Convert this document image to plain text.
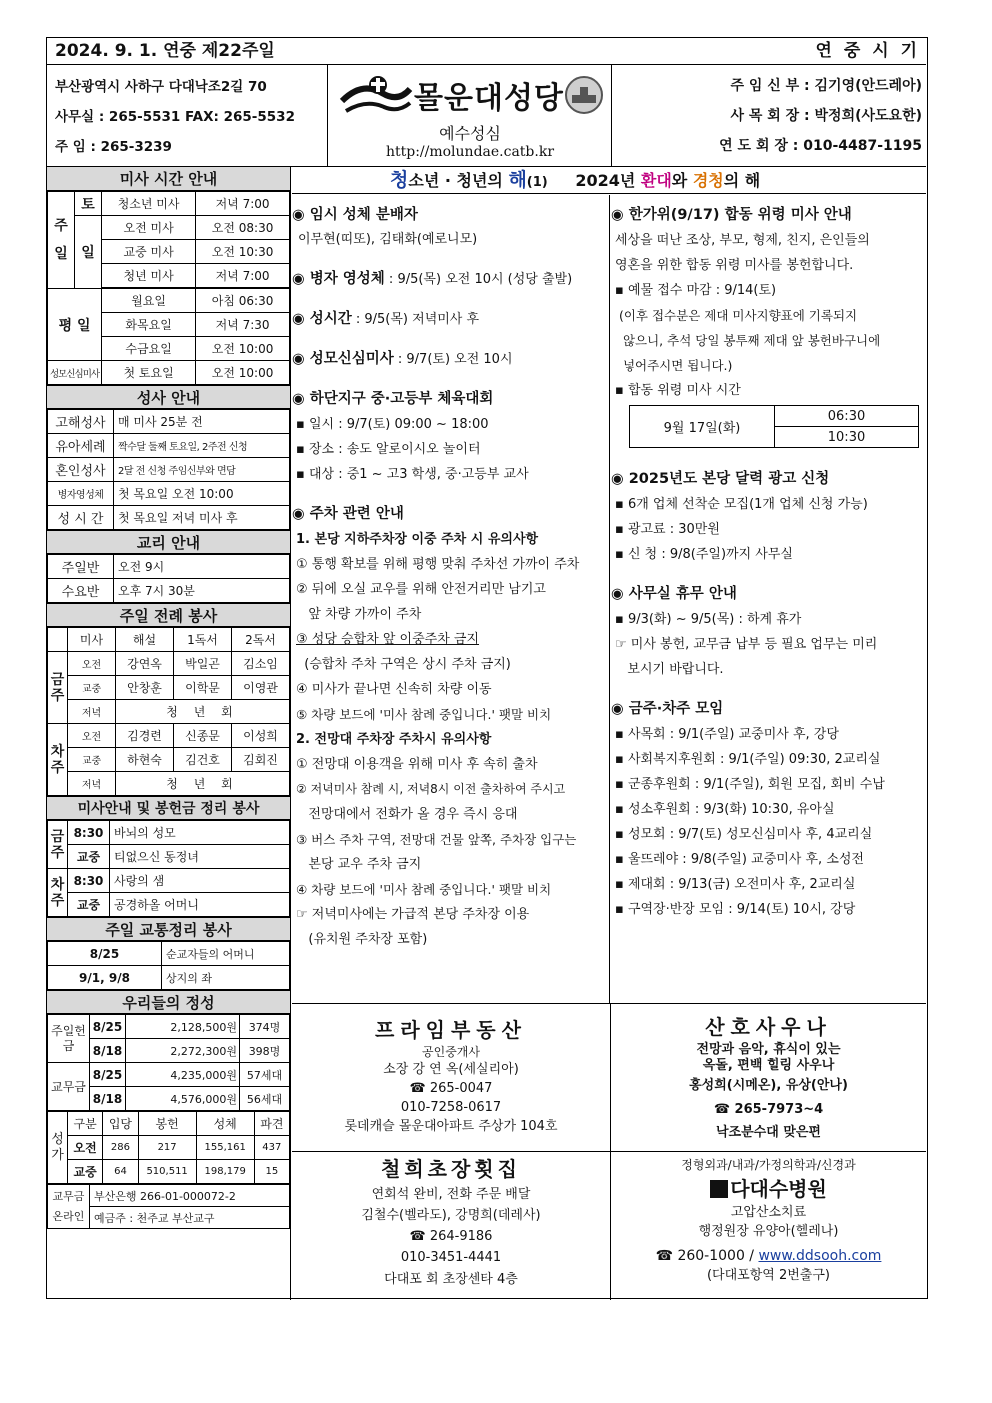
2024. 9. 1. 연중 제22주일	연 중 시 기
부산광역시 사하구 다대낙조2길 70
사무실 : 265-5531 FAX: 265-5532
주 임 : 265-3239
몰운대성당
예수성심
http://molundae.catb.kr
주 임 신 부 : 김기영(안드레아)
사 목 회 장 : 박정희(사도요한)
연 도 회 장 : 010-4487-1195
미사 시간 안내
주
일	토	청소년 미사	저녁 7:00
	일	오전 미사	오전 08:30
		교중 미사	오전 10:30
		청년 미사	저녁 7:00

평 일		월요일	아침 06:30
		화목요일	저녁 7:30
		수금요일	오전 10:00
성모신심미사		첫 토요일	오전 10:00
성사 안내
고해성사	매 미사 25분 전
유아세례	짝수달 둘째 토요일, 2주전 신청
혼인성사	2달 전 신청 주임신부와 면담
병자영성체	첫 목요일 오전 10:00
성 시 간	첫 목요일 저녁 미사 후
교리 안내
주일반	오전 9시
수요반	오후 7시 30분
주일 전례 봉사
	미사	해설	1독서	2독서
금주	오전	강연옥	박일곤	김소임
	교중	안창훈	이학문	이영관
	저녁	청 년 회		
차주	오전	김경련	신종문	이성희
	교중	하현숙	김건호	김회진
	저녁	청 년 회		
미사안내 및 봉헌금 정리 봉사
금주	8:30	바뇌의 성모
	교중	티없으신 동정녀
차주	8:30	사랑의 샘
	교중	공경하올 어머니
주일 교통정리 봉사
8/25	순교자들의 어머니
9/1, 9/8	상지의 좌
우리들의 정성
주일헌금	8/25	2,128,500원	374명
	8/18	2,272,300원	398명
교무금	8/25	4,235,000원	57세대
	8/18	4,576,000원	56세대
성가	구분	입당	봉헌	성체	파견
	오전	286	217	155,161	437
	교중	64	510,511	198,179	15
교무금 온라인	부산은행 266-01-000072-2
예금주 : 천주교 부산교구
청소년 · 청년의 해(1) 2024년 환대와 경청의 해
◉ 임시 성체 분배자
이무현(띠또), 김태화(예로니모)
◉ 병자 영성체 : 9/5(목) 오전 10시 (성당 출발)
◉ 성시간 : 9/5(목) 저녁미사 후
◉ 성모신심미사 : 9/7(토) 오전 10시
◉ 하단지구 중·고등부 체육대회
▪ 일시 : 9/7(토) 09:00 ~ 18:00
▪ 장소 : 송도 알로이시오 놀이터
▪ 대상 : 중1 ~ 고3 학생, 중·고등부 교사
◉ 주차 관련 안내
1. 본당 지하주차장 이중 주차 시 유의사항
① 통행 확보를 위해 평행 맞춰 주차선 가까이 주차
② 뒤에 오실 교우를 위해 안전거리만 남기고
앞 차량 가까이 주차
③ 성당 승합차 앞 이중주차 금지
(승합차 주차 구역은 상시 주차 금지)
④ 미사가 끝나면 신속히 차량 이동
⑤ 차량 보드에 '미사 참례 중입니다.' 팻말 비치
2. 전망대 주차장 주차시 유의사항
① 전망대 이용객을 위해 미사 후 속히 출차
② 저녁미사 참례 시, 저녁8시 이전 출차하여 주시고
전망대에서 전화가 올 경우 즉시 응대
③ 버스 주차 구역, 전망대 건물 앞쪽, 주차장 입구는
본당 교우 주차 금지
④ 차량 보드에 '미사 참례 중입니다.' 팻말 비치
☞ 저녁미사에는 가급적 본당 주차장 이용
(유치원 주차장 포함)
◉ 한가위(9/17) 합동 위령 미사 안내
세상을 떠난 조상, 부모, 형제, 친지, 은인들의
영혼을 위한 합동 위령 미사를 봉헌합니다.
▪ 예물 접수 마감 : 9/14(토)
(이후 접수분은 제대 미사지향표에 기록되지
않으니, 추석 당일 봉투째 제대 앞 봉헌바구니에
넣어주시면 됩니다.)
▪ 합동 위령 미사 시간
9월 17일(화)	06:30
10:30
◉ 2025년도 본당 달력 광고 신청
▪ 6개 업체 선착순 모집(1개 업체 신청 가능)
▪ 광고료 : 30만원
▪ 신 청 : 9/8(주일)까지 사무실
◉ 사무실 휴무 안내
▪ 9/3(화) ~ 9/5(목) : 하계 휴가
☞ 미사 봉헌, 교무금 납부 등 필요 업무는 미리
보시기 바랍니다.
◉ 금주·차주 모임
▪ 사목회 : 9/1(주일) 교중미사 후, 강당
▪ 사회복지후원회 : 9/1(주일) 09:30, 2교리실
▪ 군종후원회 : 9/1(주일), 회원 모집, 회비 수납
▪ 성소후원회 : 9/3(화) 10:30, 유아실
▪ 성모회 : 9/7(토) 성모신심미사 후, 4교리실
▪ 울뜨레야 : 9/8(주일) 교중미사 후, 소성전
▪ 제대회 : 9/13(금) 오전미사 후, 2교리실
▪ 구역장·반장 모임 : 9/14(토) 10시, 강당
프라임부동산
공인중개사
소장 강 연 옥(세실리아)
☎ 265-0047
010-7258-0617
롯데캐슬 몰운대아파트 주상가 104호
산호사우나
전망과 음악, 휴식이 있는
옥돌, 편백 힐링 사우나
홍성희(시메온), 유상(안나)
☎ 265-7973~4
낙조분수대 맞은편
철희초장횟집
연회석 완비, 전화 주문 배달
김철수(벨라도), 강명희(데레사)
☎ 264-9186
010-3451-4441
다대포 회 초장센타 4층
정형외과/내과/가정의학과/신경과
다대수병원
고압산소치료
행정원장 유양아(헬레나)
☎ 260-1000 / www.ddsooh.com
(다대포항역 2번출구)
